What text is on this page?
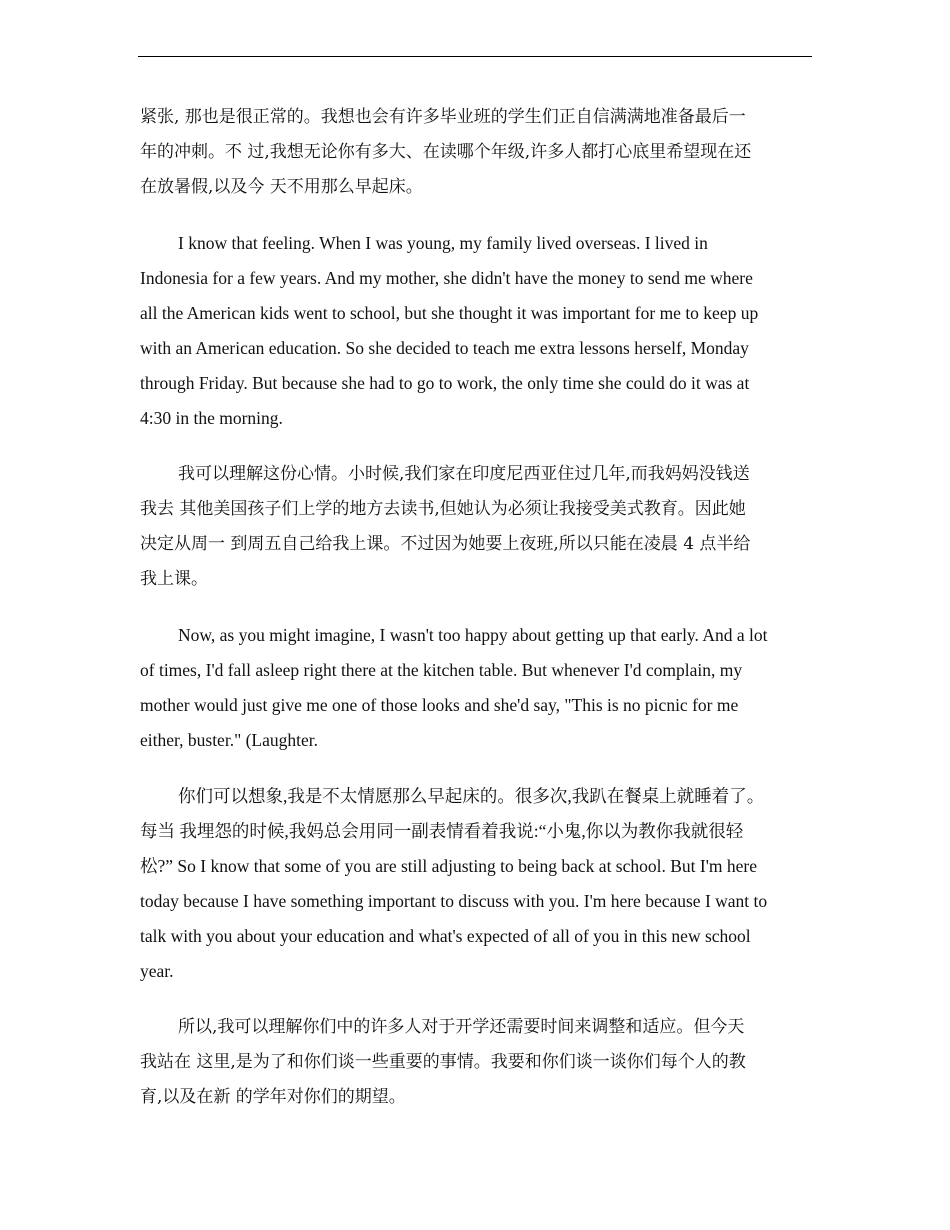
紧张, 那也是很正常的。我想也会有许多毕业班的学生们正自信满满地准备最后一
年的冲刺。不 过,我想无论你有多大、在读哪个年级,许多人都打心底里希望现在还
在放暑假,以及今 天不用那么早起床。

I know that feeling. When I was young, my family lived overseas. I lived in
Indonesia for a few years. And my mother, she didn't have the money to send me where
all the American kids went to school, but she thought it was important for me to keep up
with an American education. So she decided to teach me extra lessons herself, Monday
through Friday. But because she had to go to work, the only time she could do it was at
4:30 in the morning.

我可以理解这份心情。小时候,我们家在印度尼西亚住过几年,而我妈妈没钱送
我去 其他美国孩子们上学的地方去读书,但她认为必须让我接受美式教育。因此她
决定从周一 到周五自己给我上课。不过因为她要上夜班,所以只能在凌晨 4 点半给
我上课。

Now, as you might imagine, I wasn't too happy about getting up that early. And a lot
of times, I'd fall asleep right there at the kitchen table. But whenever I'd complain, my
mother would just give me one of those looks and she'd say, "This is no picnic for me
either, buster." (Laughter.

你们可以想象,我是不太情愿那么早起床的。很多次,我趴在餐桌上就睡着了。
每当 我埋怨的时候,我妈总会用同一副表情看着我说:“小鬼,你以为教你我就很轻
松?” So I know that some of you are still adjusting to being back at school. But I'm here
today because I have something important to discuss with you. I'm here because I want to
talk with you about your education and what's expected of all of you in this new school
year.

所以,我可以理解你们中的许多人对于开学还需要时间来调整和适应。但今天
我站在 这里,是为了和你们谈一些重要的事情。我要和你们谈一谈你们每个人的教
育,以及在新 的学年对你们的期望。
